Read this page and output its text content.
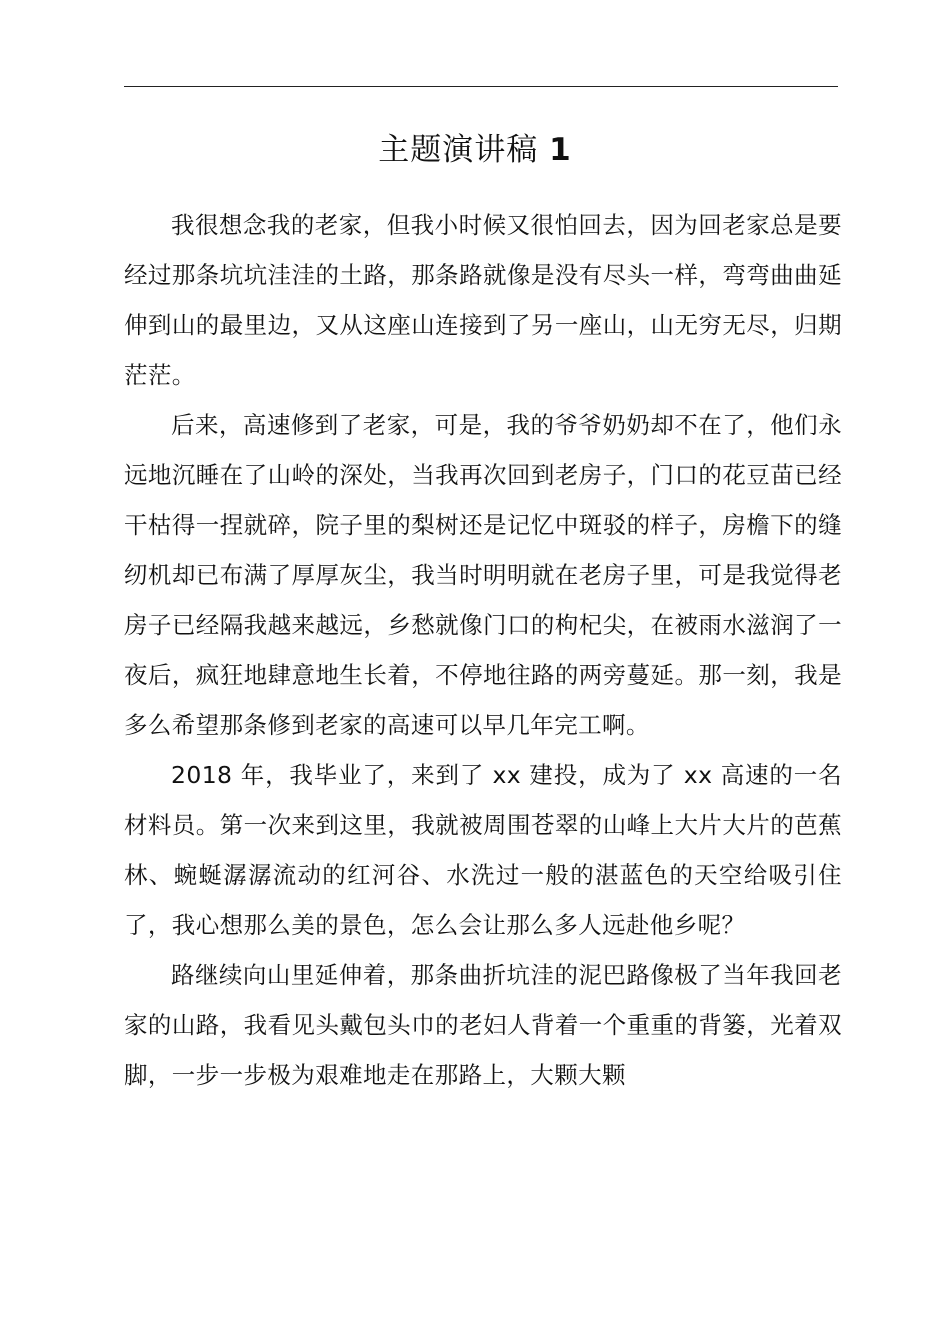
主题演讲稿 1

我很想念我的老家，但我小时候又很怕回去，因为回老家总是要经过那条坑坑洼洼的土路，那条路就像是没有尽头一样，弯弯曲曲延伸到山的最里边，又从这座山连接到了另一座山，山无穷无尽，归期茫茫。

后来，高速修到了老家，可是，我的爷爷奶奶却不在了，他们永远地沉睡在了山岭的深处，当我再次回到老房子，门口的花豆苗已经干枯得一捏就碎，院子里的梨树还是记忆中斑驳的样子，房檐下的缝纫机却已布满了厚厚灰尘，我当时明明就在老房子里，可是我觉得老房子已经隔我越来越远，乡愁就像门口的枸杞尖，在被雨水滋润了一夜后，疯狂地肆意地生长着，不停地往路的两旁蔓延。那一刻，我是多么希望那条修到老家的高速可以早几年完工啊。

2018 年，我毕业了，来到了 xx 建投，成为了 xx 高速的一名材料员。第一次来到这里，我就被周围苍翠的山峰上大片大片的芭蕉林、蜿蜒潺潺流动的红河谷、水洗过一般的湛蓝色的天空给吸引住了，我心想那么美的景色，怎么会让那么多人远赴他乡呢？

路继续向山里延伸着，那条曲折坑洼的泥巴路像极了当年我回老家的山路，我看见头戴包头巾的老妇人背着一个重重的背篓，光着双脚，一步一步极为艰难地走在那路上，大颗大颗
